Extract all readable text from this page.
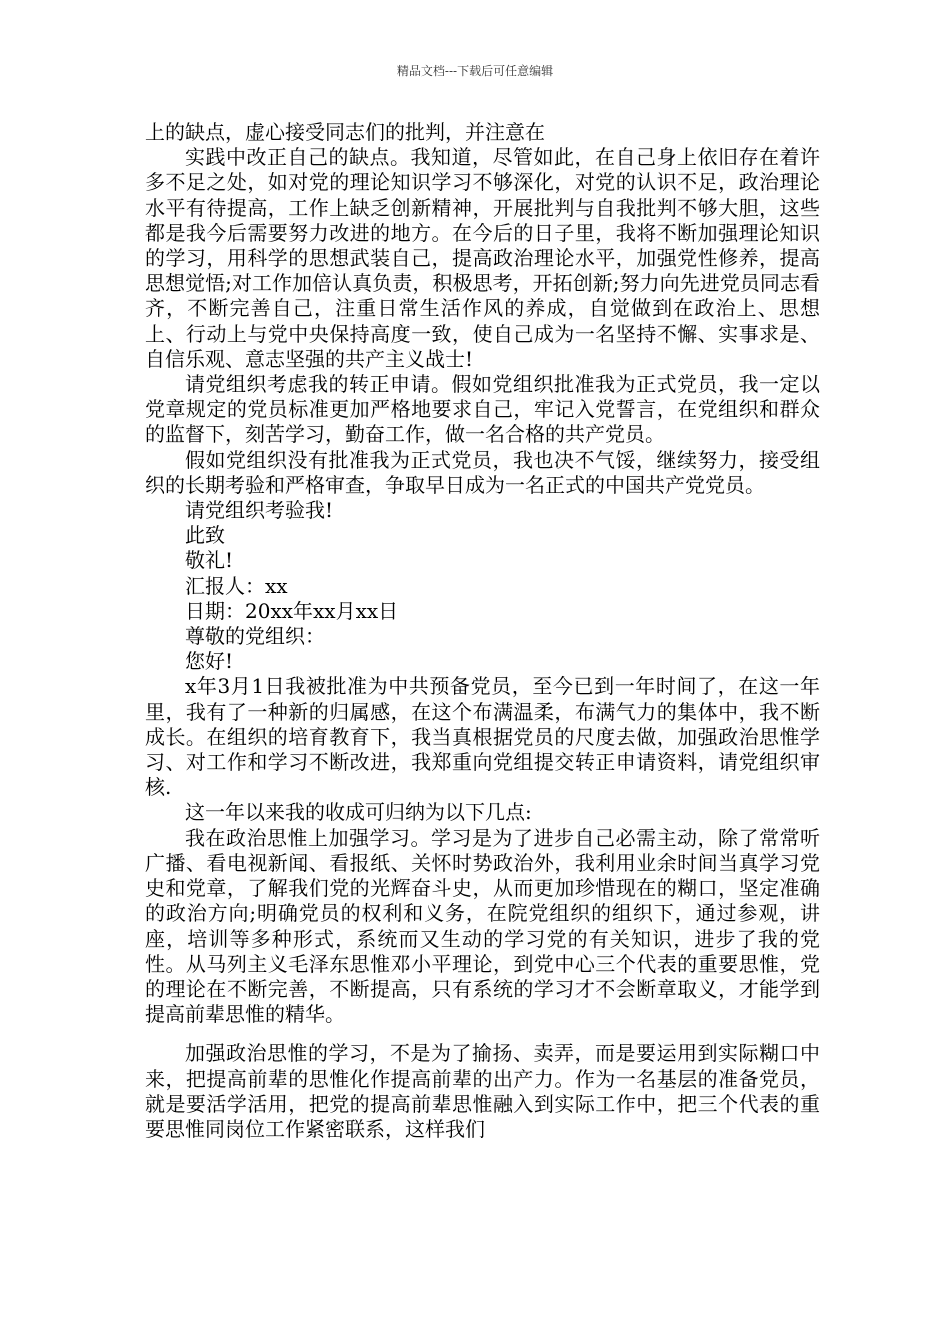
精品文档---下载后可任意编辑

上的缺点，虚心接受同志们的批判，并注意在

实践中改正自己的缺点。我知道，尽管如此，在自己身上依旧存在着许多不足之处，如对党的理论知识学习不够深化，对党的认识不足，政治理论水平有待提高，工作上缺乏创新精神，开展批判与自我批判不够大胆，这些都是我今后需要努力改进的地方。在今后的日子里，我将不断加强理论知识的学习，用科学的思想武装自己，提高政治理论水平，加强党性修养，提高思想觉悟;对工作加倍认真负责，积极思考，开拓创新;努力向先进党员同志看齐，不断完善自己，注重日常生活作风的养成，自觉做到在政治上、思想上、行动上与党中央保持高度一致，使自己成为一名坚持不懈、实事求是、自信乐观、意志坚强的共产主义战士!

请党组织考虑我的转正申请。假如党组织批准我为正式党员，我一定以党章规定的党员标准更加严格地要求自己，牢记入党誓言，在党组织和群众的监督下，刻苦学习，勤奋工作，做一名合格的共产党员。

假如党组织没有批准我为正式党员，我也决不气馁，继续努力，接受组织的长期考验和严格审查，争取早日成为一名正式的中国共产党党员。

请党组织考验我!

此致

敬礼!

汇报人：xx

日期：20xx年xx月xx日

尊敬的党组织：

您好!

x年3月1日我被批准为中共预备党员，至今已到一年时间了，在这一年里，我有了一种新的归属感，在这个布满温柔，布满气力的集体中，我不断成长。在组织的培育教育下，我当真根据党员的尺度去做，加强政治思惟学习、对工作和学习不断改进，我郑重向党组提交转正申请资料，请党组织审核.

这一年以来我的收成可归纳为以下几点:

我在政治思惟上加强学习。学习是为了进步自己必需主动，除了常常听广播、看电视新闻、看报纸、关怀时势政治外，我利用业余时间当真学习党史和党章，了解我们党的光辉奋斗史，从而更加珍惜现在的糊口，坚定准确的政治方向;明确党员的权利和义务，在院党组织的组织下，通过参观，讲座，培训等多种形式，系统而又生动的学习党的有关知识，进步了我的党性。从马列主义毛泽东思惟邓小平理论，到党中心三个代表的重要思惟，党的理论在不断完善，不断提高，只有系统的学习才不会断章取义，才能学到提高前辈思惟的精华。

加强政治思惟的学习，不是为了揄扬、卖弄，而是要运用到实际糊口中来，把提高前辈的思惟化作提高前辈的出产力。作为一名基层的准备党员，就是要活学活用，把党的提高前辈思惟融入到实际工作中，把三个代表的重要思惟同岗位工作紧密联系，这样我们
